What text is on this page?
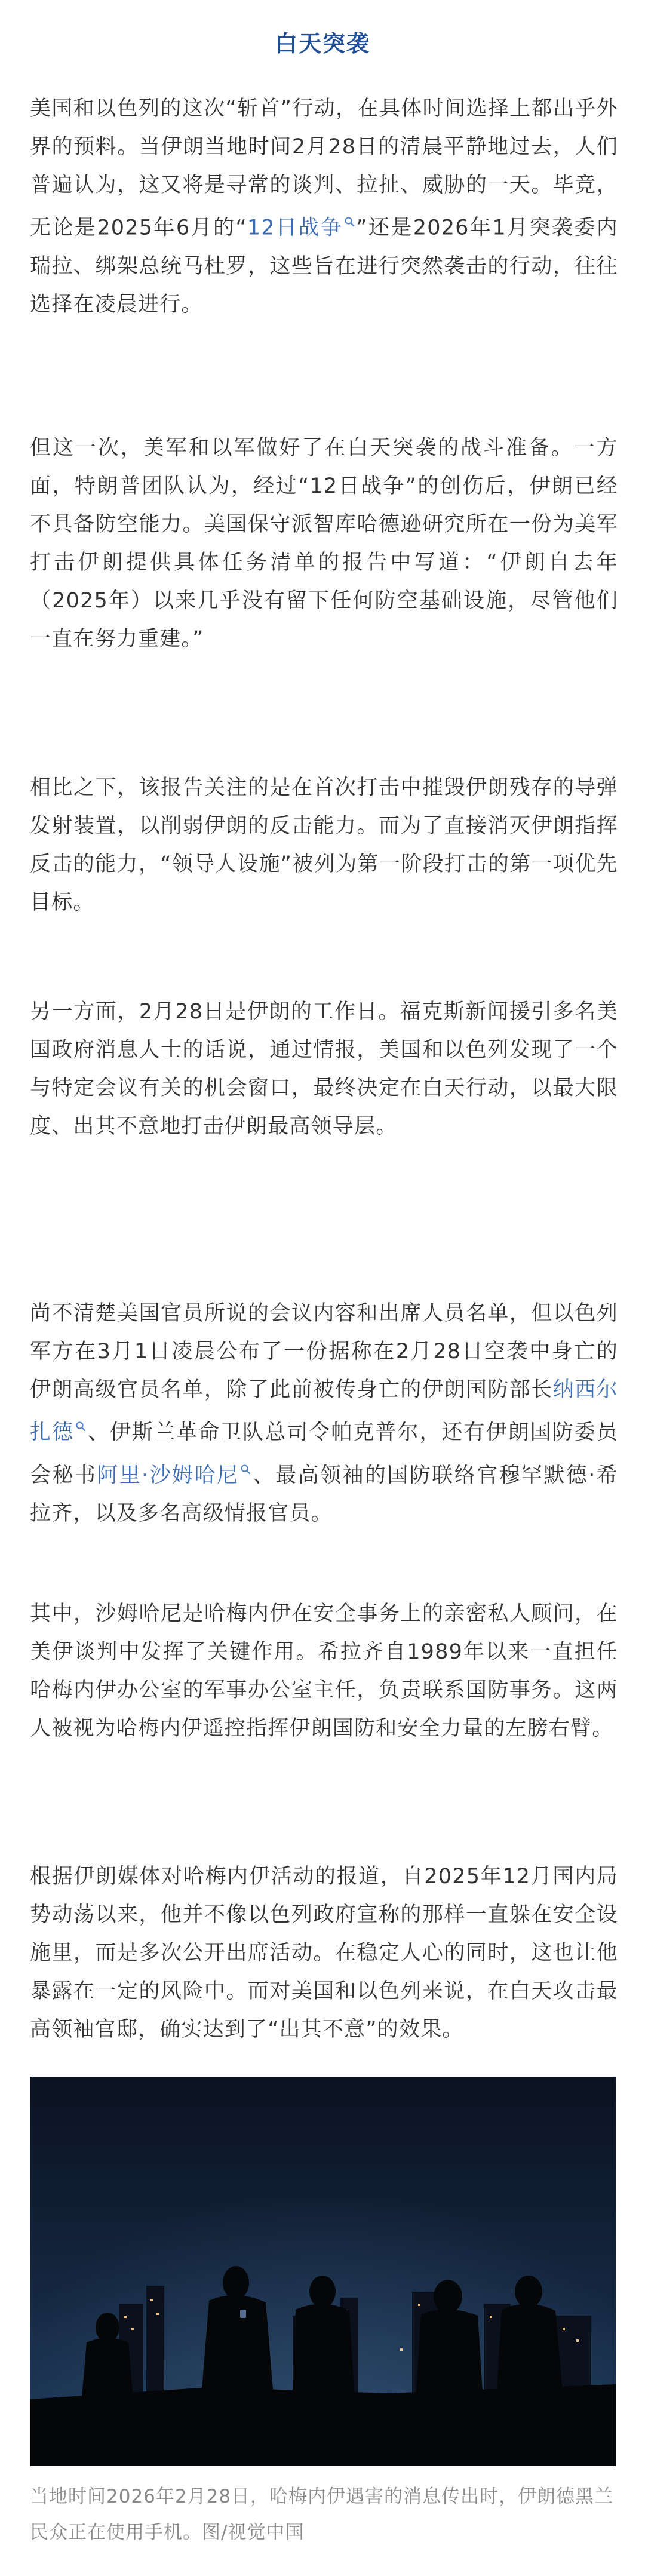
白天突袭

美国和以色列的这次“斩首”行动，在具体时间选择上都出乎外界的预料。当伊朗当地时间2月28日的清晨平静地过去，人们普遍认为，这又将是寻常的谈判、拉扯、威胁的一天。毕竟，无论是2025年6月的“12日战争 ”还是2026年1月突袭委内瑞拉、绑架总统马杜罗，这些旨在进行突然袭击的行动，往往选择在凌晨进行。

但这一次，美军和以军做好了在白天突袭的战斗准备。一方面，特朗普团队认为，经过“12日战争”的创伤后，伊朗已经不具备防空能力。美国保守派智库哈德逊研究所在一份为美军打击伊朗提供具体任务清单的报告中写道：“伊朗自去年（2025年）以来几乎没有留下任何防空基础设施，尽管他们一直在努力重建。”

相比之下，该报告关注的是在首次打击中摧毁伊朗残存的导弹发射装置，以削弱伊朗的反击能力。而为了直接消灭伊朗指挥反击的能力，“领导人设施”被列为第一阶段打击的第一项优先目标。

另一方面，2月28日是伊朗的工作日。福克斯新闻援引多名美国政府消息人士的话说，通过情报，美国和以色列发现了一个与特定会议有关的机会窗口，最终决定在白天行动，以最大限度、出其不意地打击伊朗最高领导层。

尚不清楚美国官员所说的会议内容和出席人员名单，但以色列军方在3月1日凌晨公布了一份据称在2月28日空袭中身亡的伊朗高级官员名单，除了此前被传身亡的伊朗国防部长纳西尔扎德 、伊斯兰革命卫队总司令帕克普尔，还有伊朗国防委员会秘书阿里·沙姆哈尼 、最高领袖的国防联络官穆罕默德·希拉齐，以及多名高级情报官员。

其中，沙姆哈尼是哈梅内伊在安全事务上的亲密私人顾问，在美伊谈判中发挥了关键作用。希拉齐自1989年以来一直担任哈梅内伊办公室的军事办公室主任，负责联系国防事务。这两人被视为哈梅内伊遥控指挥伊朗国防和安全力量的左膀右臂。

根据伊朗媒体对哈梅内伊活动的报道，自2025年12月国内局势动荡以来，他并不像以色列政府宣称的那样一直躲在安全设施里，而是多次公开出席活动。在稳定人心的同时，这也让他暴露在一定的风险中。而对美国和以色列来说，在白天攻击最高领袖官邸，确实达到了“出其不意”的效果。

当地时间2026年2月28日，哈梅内伊遇害的消息传出时，伊朗德黑兰民众正在使用手机。图/视觉中国
